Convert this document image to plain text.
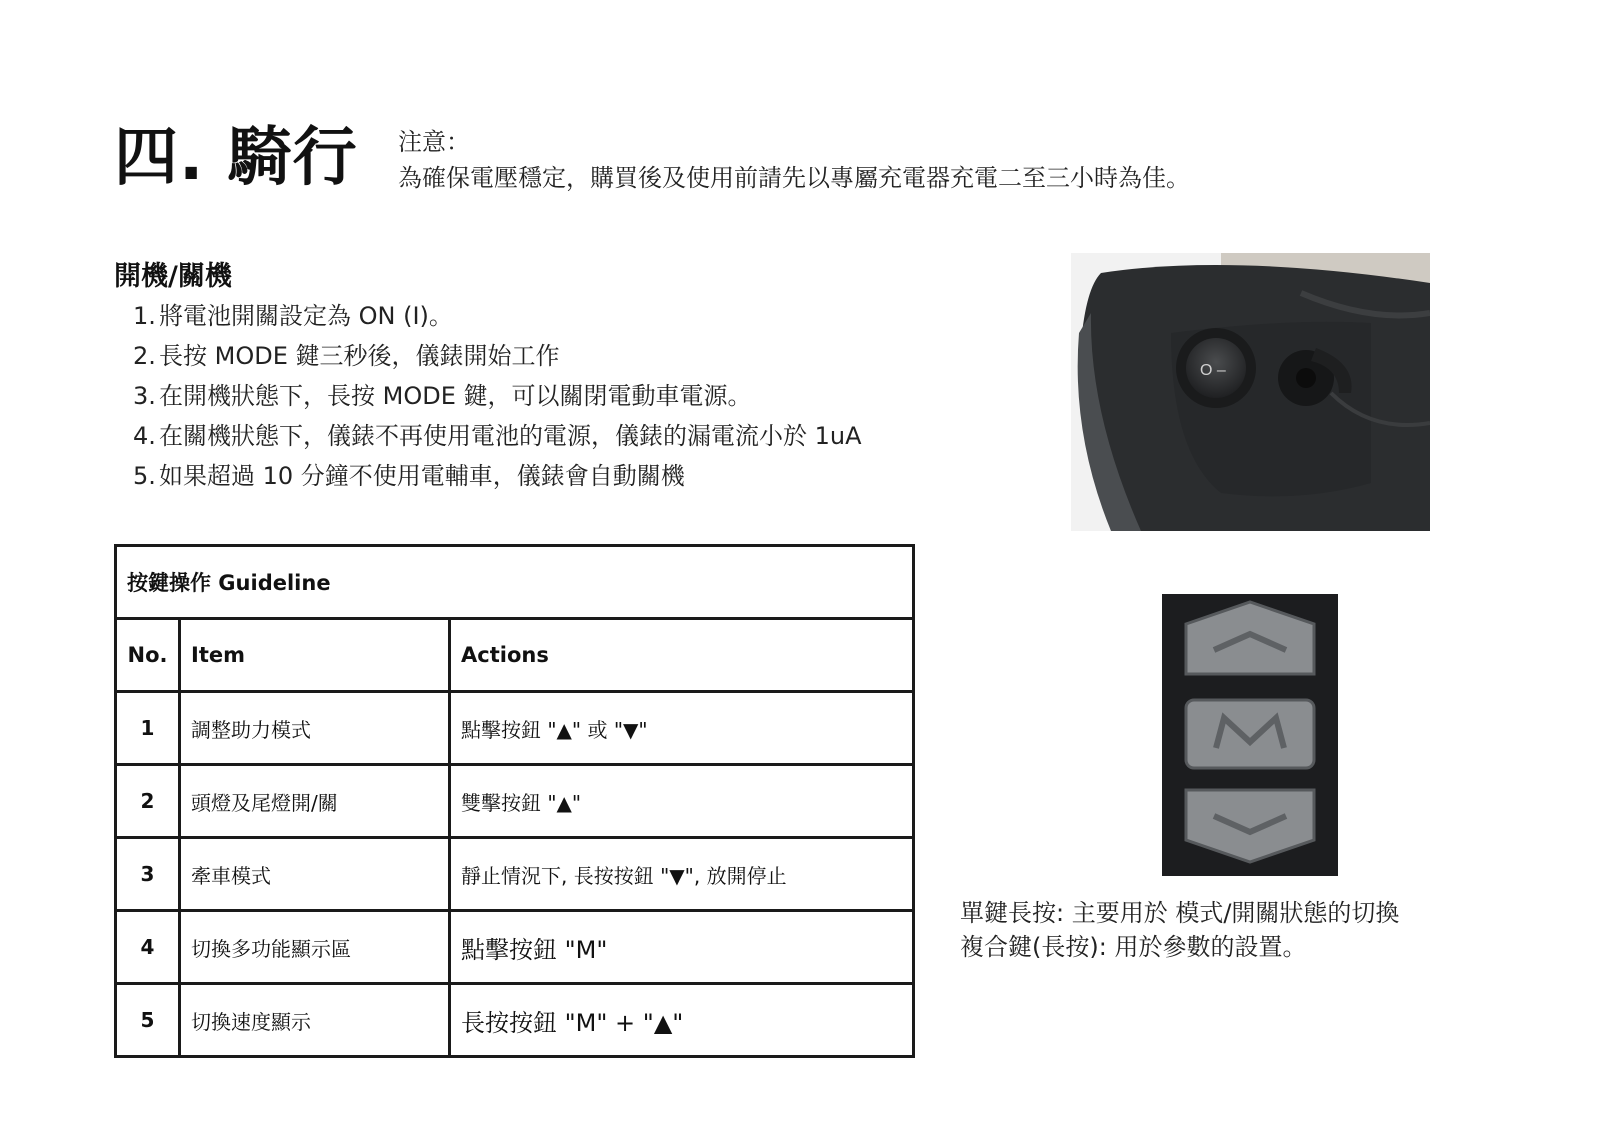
四. 騎行 注意：
為確保電壓穩定，購買後及使用前請先以專屬充電器充電二至三小時為佳。
開機/關機
1. 將電池開關設定為 ON (I)。
2. 長按 MODE 鍵三秒後，儀錶開始工作
3. 在開機狀態下，長按 MODE 鍵，可以關閉電動車電源。
4. 在關機狀態下，儀錶不再使用電池的電源，儀錶的漏電流小於 1uA
5. 如果超過 10 分鐘不使用電輔車，儀錶會自動關機
按鍵操作 Guideline		
No.	Item	Actions
1	調整助力模式	點擊按鈕 "▲" 或 "▼"
2	頭燈及尾燈開/關	雙擊按鈕 "▲"
3	牽車模式	靜止情況下, 長按按鈕 "▼", 放開停止
4	切換多功能顯示區	點擊按鈕 "M"
5	切換速度顯示	長按按鈕 "M" + "▲"
O –
單鍵長按: 主要用於 模式/開關狀態的切換
複合鍵(長按): 用於參數的設置。
